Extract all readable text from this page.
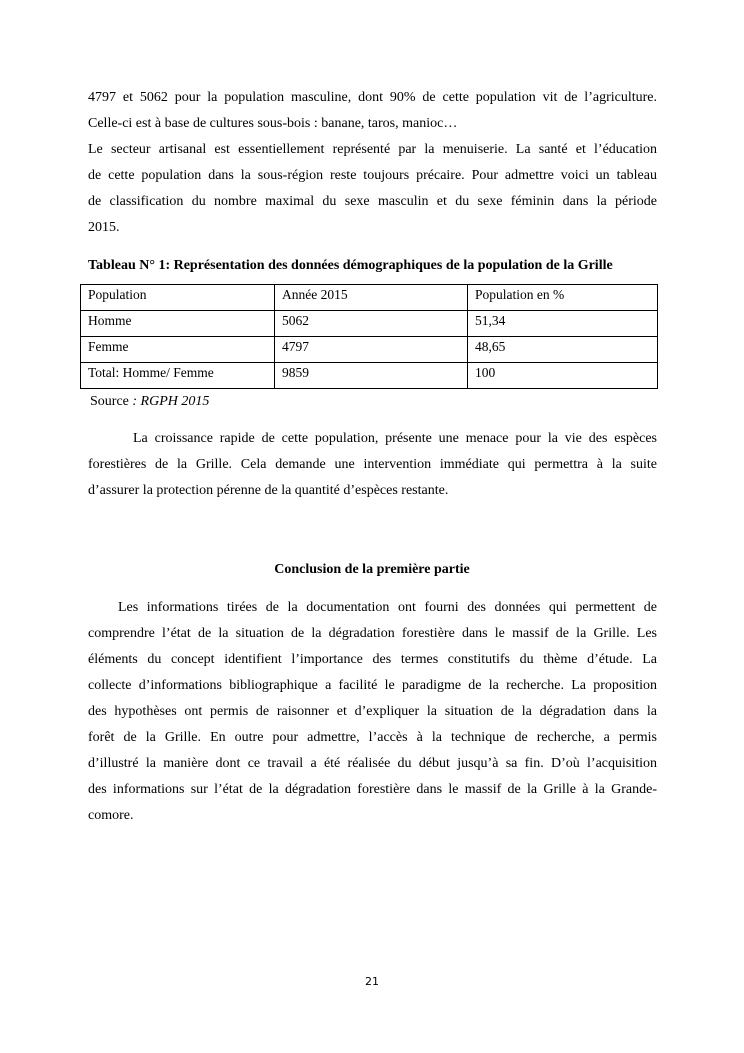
4797 et 5062 pour la population masculine, dont 90% de cette population vit de l’agriculture.
Celle-ci est à base de cultures sous-bois : banane, taros, manioc…
Le secteur artisanal est essentiellement représenté par la menuiserie. La santé et l’éducation
de cette population dans la sous-région reste toujours précaire. Pour admettre voici un tableau
de classification du nombre maximal du sexe masculin et du sexe féminin dans la période
2015.
Tableau N° 1: Représentation des données démographiques de la population de la Grille
Population	Année 2015	Population en %
Homme	5062	51,34
Femme	4797	48,65
Total: Homme/ Femme	9859	100
Source : RGPH 2015
La croissance rapide de cette population, présente une menace pour la vie des espèces
forestières de la Grille. Cela demande une intervention immédiate qui permettra à la suite
d’assurer la protection pérenne de la quantité d’espèces restante.
Conclusion de la première partie
Les informations tirées de la documentation ont fourni des données qui permettent de
comprendre l’état de la situation de la dégradation forestière dans le massif de la Grille. Les
éléments du concept identifient l’importance des termes constitutifs du thème d’étude. La
collecte d’informations bibliographique a facilité le paradigme de la recherche. La proposition
des hypothèses ont permis de raisonner et d’expliquer la situation de la dégradation dans la
forêt de la Grille. En outre pour admettre, l’accès à la technique de recherche, a permis
d’illustré la manière dont ce travail a été réalisée du début jusqu’à sa fin. D’où l’acquisition
des informations sur l’état de la dégradation forestière dans le massif de la Grille à la Grande-
comore.
21
